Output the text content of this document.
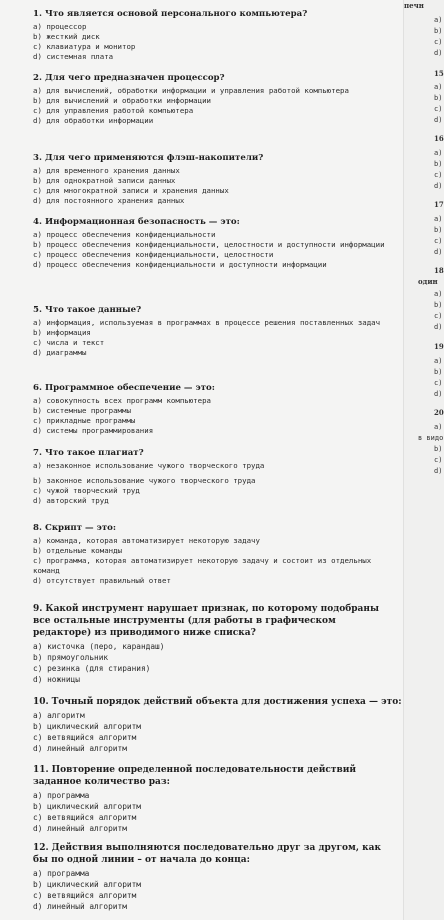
1. Что является основой персонального компьютера?
a) процессор
b) жесткий диск
c) клавиатура и монитор
d) системная плата
2. Для чего предназначен процессор?
a) для вычислений, обработки информации и управления работой компьютера
b) для вычислений и обработки информации
c) для управления работой компьютера
d) для обработки информации
3. Для чего применяются флэш-накопители?
a) для временного хранения данных
b) для однократной записи данных
c) для многократной записи и хранения данных
d) для постоянного хранения данных
4. Информационная безопасность — это:
a) процесс обеспечения конфиденциальности
b) процесс обеспечения конфиденциальности, целостности и доступности информации
c) процесс обеспечения конфиденциальности, целостности
d) процесс обеспечения конфиденциальности и доступности информации
5. Что такое данные?
a) информация, используемая в программах в процессе решения поставленных задач
b) информация
c) числа и текст
d) диаграммы
6. Программное обеспечение — это:
a) совокупность всех программ компьютера
b) системные программы
c) прикладные программы
d) системы программирования
7. Что такое плагиат?
a) незаконное использование чужого творческого труда
b) законное использование чужого творческого труда
c) чужой творческий труд
d) авторский труд
8. Скрипт — это:
a) команда, которая автоматизирует некоторую задачу
b) отдельные команды
c) программа, которая автоматизирует некоторую задачу и состоит из отдельных команд
d) отсутствует правильный ответ
9. Какой инструмент нарушает признак, по которому подобраны все остальные инструменты (для работы в графическом редакторе) из приводимого ниже списка?
a) кисточка (перо, карандаш)
b) прямоугольник
c) резинка (для стирания)
d) ножницы
10. Точный порядок действий объекта для достижения успеха — это:
a) алгоритм
b) циклический алгоритм
c) ветвящийся алгоритм
d) линейный алгоритм
11. Повторение определенной последовательности действий заданное количество раз:
a) программа
b) циклический алгоритм
c) ветвящийся алгоритм
d) линейный алгоритм
12. Действия выполняются последовательно друг за другом, как бы по одной линии – от начала до конца:
a) программа
b) циклический алгоритм
c) ветвящийся алгоритм
d) линейный алгоритм
печн
а)
b)
c)
d)
15
a)
b)
c)
d)
16
a)
b)
c)
d)
17
a)
b)
c)
d)
18
один
a)
b)
c)
d)
19
a)
b)
c)
d)
20
a)
в видо
b)
c)
d)
